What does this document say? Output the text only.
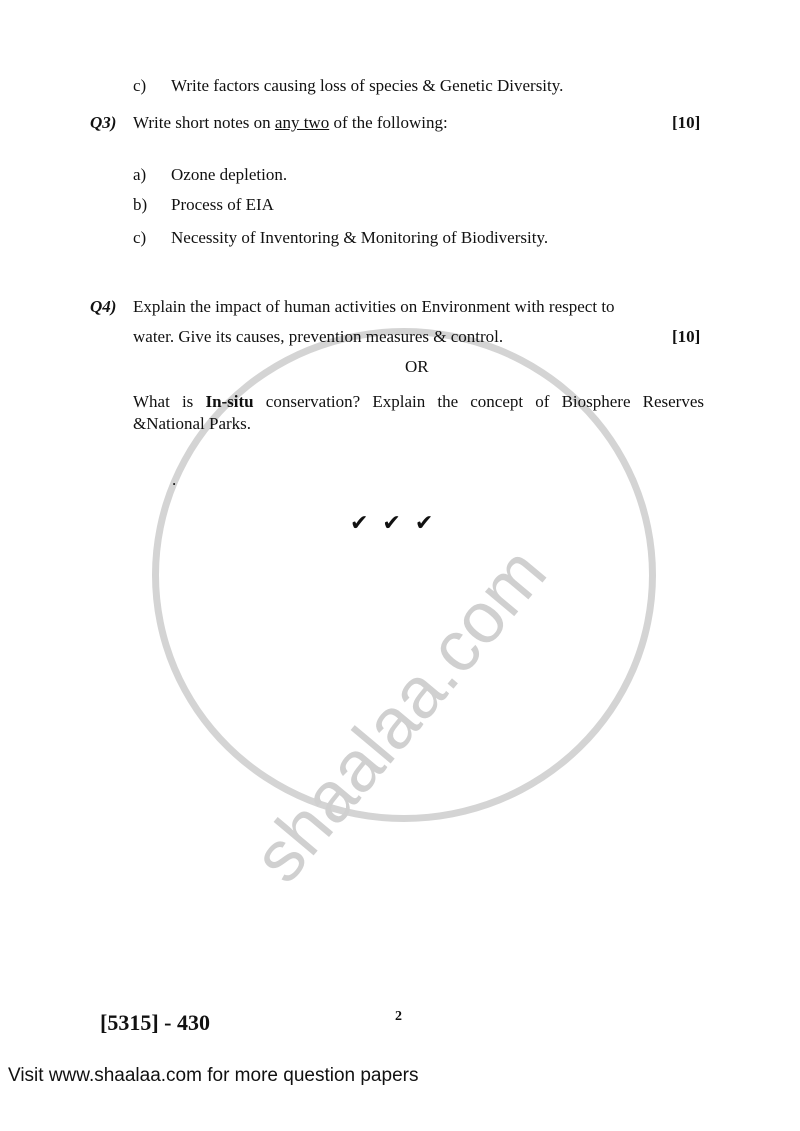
shaalaa.com
c) Write factors causing loss of species & Genetic Diversity.
Q3) Write short notes on any two of the following:	[10]
a) Ozone depletion.
b) Process of EIA
c) Necessity of Inventoring & Monitoring of Biodiversity.
Q4) Explain the impact of human activities on Environment with respect to
water. Give its causes, prevention measures & control.	[10]
OR
What is In-situ conservation? Explain the concept of Biosphere Reserves
&National Parks.
.
✔✔✔
[5315] - 430	2
Visit www.shaalaa.com for more question papers
